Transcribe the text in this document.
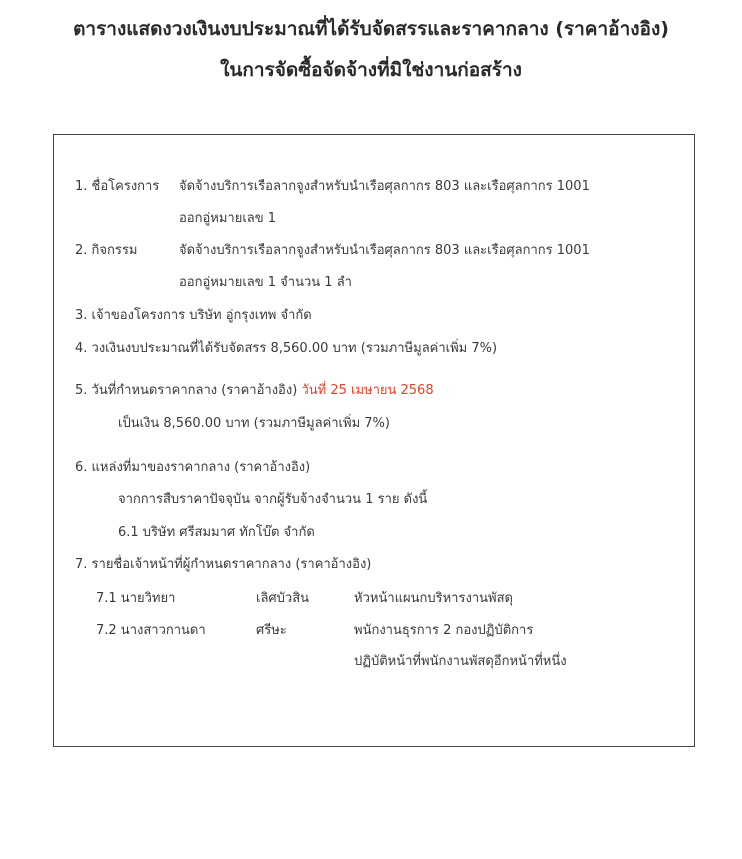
ตารางแสดงวงเงินงบประมาณที่ได้รับจัดสรรและราคากลาง (ราคาอ้างอิง)
ในการจัดซื้อจัดจ้างที่มิใช่งานก่อสร้าง
1. ชื่อโครงการ จัดจ้างบริการเรือลากจูงสำหรับนำเรือศุลกากร 803 และเรือศุลกากร 1001
ออกอู่หมายเลข 1
2. กิจกรรม	จัดจ้างบริการเรือลากจูงสำหรับนำเรือศุลกากร 803 และเรือศุลกากร 1001
ออกอู่หมายเลข 1 จำนวน 1 ลำ
3. เจ้าของโครงการ บริษัท อู่กรุงเทพ จำกัด
4. วงเงินงบประมาณที่ได้รับจัดสรร 8,560.00 บาท (รวมภาษีมูลค่าเพิ่ม 7%)
5. วันที่กำหนดราคากลาง (ราคาอ้างอิง) วันที่ 25 เมษายน 2568
เป็นเงิน 8,560.00 บาท (รวมภาษีมูลค่าเพิ่ม 7%)
6. แหล่งที่มาของราคากลาง (ราคาอ้างอิง)
จากการสืบราคาปัจจุบัน จากผู้รับจ้างจำนวน 1 ราย ดังนี้
6.1 บริษัท ศรีสมมาศ ทักโบ๊ต จำกัด
7. รายชื่อเจ้าหน้าที่ผู้กำหนดราคากลาง (ราคาอ้างอิง)
7.1 นายวิทยา	เลิศบัวสิน	หัวหน้าแผนกบริหารงานพัสดุ
7.2 นางสาวกานดา	ศรีษะ	พนักงานธุรการ 2 กองปฏิบัติการ
ปฏิบัติหน้าที่พนักงานพัสดุอีกหน้าที่หนึ่ง
